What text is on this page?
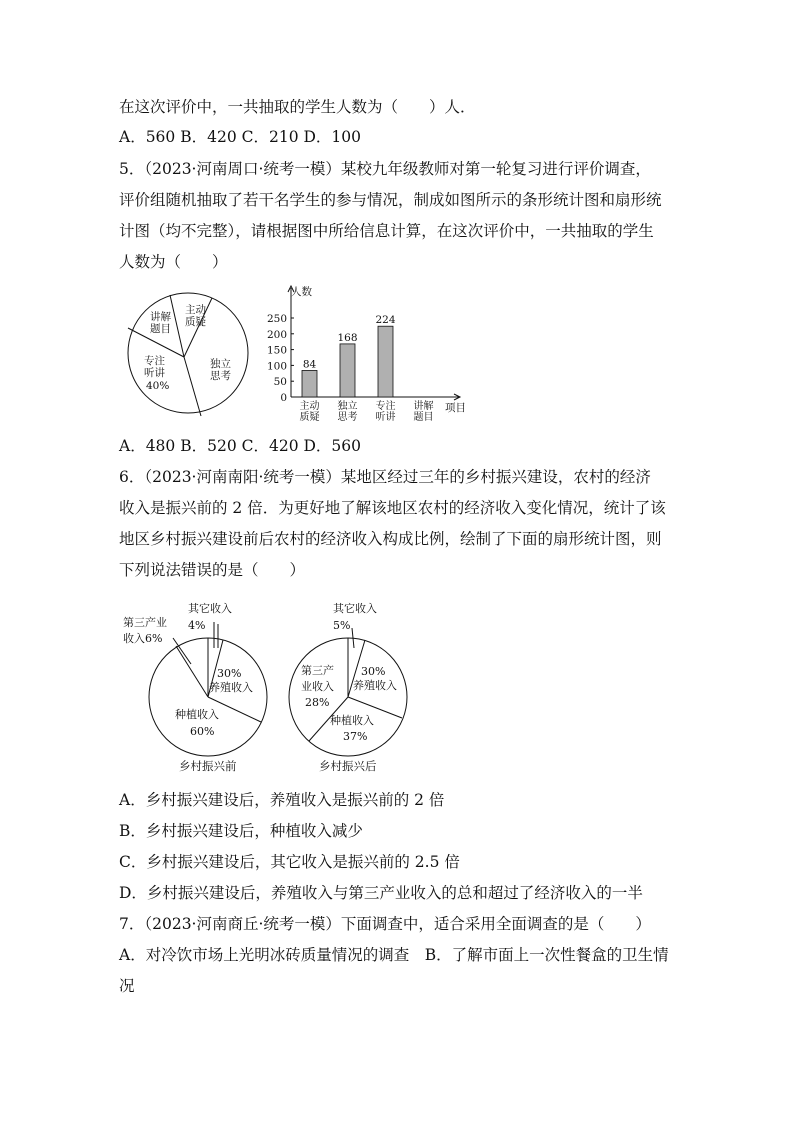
在这次评价中，一共抽取的学生人数为（　　）人．
A．560 B．420 C．210 D．100
5．（2023·河南周口·统考一模）某校九年级教师对第一轮复习进行评价调查，
评价组随机抽取了若干名学生的参与情况，制成如图所示的条形统计图和扇形统
计图（均不完整），请根据图中所给信息计算，在这次评价中，一共抽取的学生
人数为（　　）
讲解
题目
主动
质疑
独立
思考
专注
听讲
40%
0
50
100
150
200
250
84
168
224
主动
质疑
独立
思考
专注
听讲
讲解
题目
人数
项目
A．480 B．520 C．420 D．560
6．（2023·河南南阳·统考一模）某地区经过三年的乡村振兴建设，农村的经济
收入是振兴前的 2 倍．为更好地了解该地区农村的经济收入变化情况，统计了该
地区乡村振兴建设前后农村的经济收入构成比例，绘制了下面的扇形统计图，则
下列说法错误的是（　　）
其它收入
4%
第三产业
收入6%
30%
养殖收入
种植收入
60%
乡村振兴前
其它收入
5%
第三产
业收入
28%
30%
养殖收入
种植收入
37%
乡村振兴后
A．乡村振兴建设后，养殖收入是振兴前的 2 倍
B．乡村振兴建设后，种植收入减少
C．乡村振兴建设后，其它收入是振兴前的 2.5 倍
D．乡村振兴建设后，养殖收入与第三产业收入的总和超过了经济收入的一半
7．（2023·河南商丘·统考一模）下面调查中，适合采用全面调查的是（　　）
A．对冷饮市场上光明冰砖质量情况的调查　B．了解市面上一次性餐盒的卫生情
况
